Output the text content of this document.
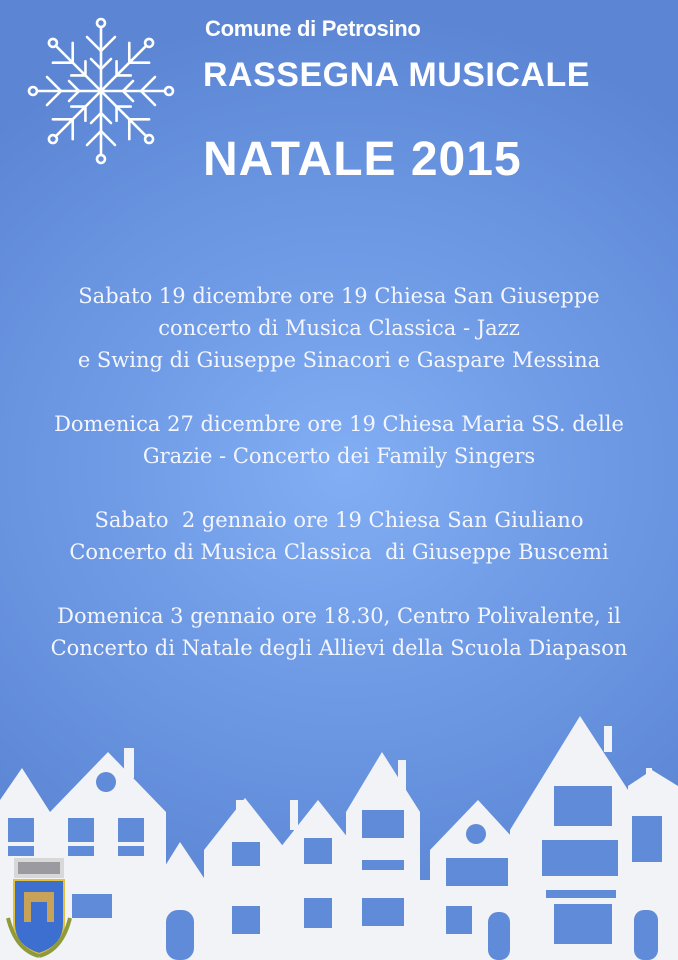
Comune di Petrosino
RASSEGNA MUSICALE
NATALE 2015
Sabato 19 dicembre ore 19 Chiesa San Giuseppe
concerto di Musica Classica - Jazz
e Swing di Giuseppe Sinacori e Gaspare Messina
Domenica 27 dicembre ore 19 Chiesa Maria SS. delle
Grazie - Concerto dei Family Singers
Sabato  2 gennaio ore 19 Chiesa San Giuliano
Concerto di Musica Classica  di Giuseppe Buscemi
Domenica 3 gennaio ore 18.30, Centro Polivalente, il
Concerto di Natale degli Allievi della Scuola Diapason
